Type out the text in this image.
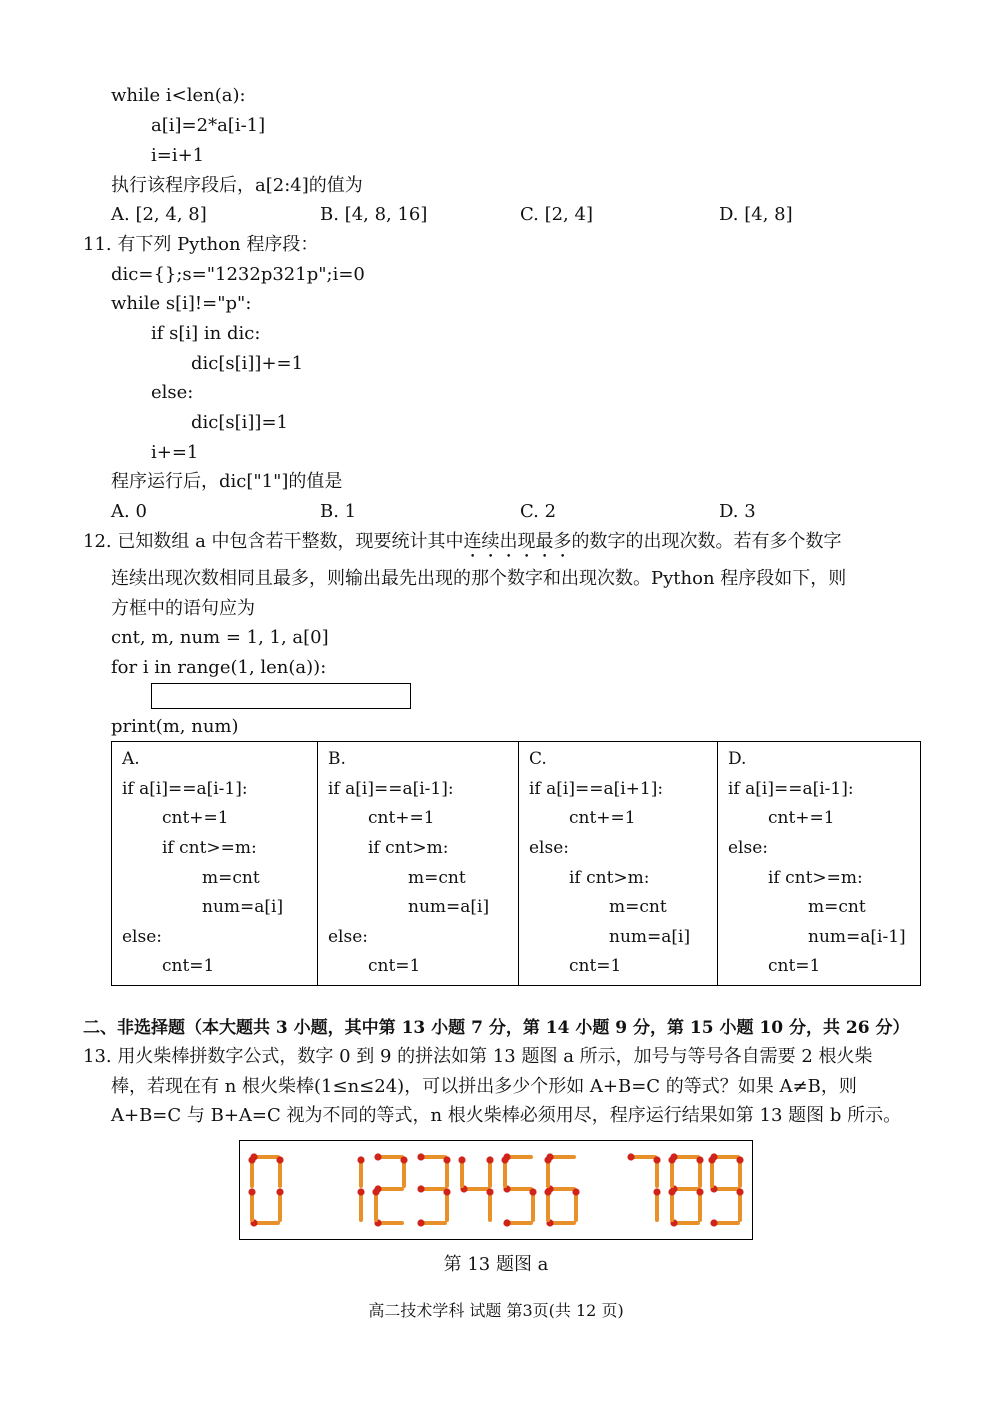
while i<len(a):
a[i]=2*a[i-1]
i=i+1
执行该程序段后，a[2:4]的值为
A. [2, 4, 8]	B. [4, 8, 16]	C. [2, 4]	D. [4, 8]
11. 有下列 Python 程序段：
dic={};s="1232p321p";i=0
while s[i]!="p":
if s[i] in dic:
dic[s[i]]+=1
else:
dic[s[i]]=1
i+=1
程序运行后，dic["1"]的值是
A. 0	B. 1	C. 2	D. 3
12. 已知数组 a 中包含若干整数，现要统计其中连续出现最多的数字的出现次数。若有多个数字
连续出现次数相同且最多，则输出最先出现的那个数字和出现次数。Python 程序段如下，则
方框中的语句应为
cnt, m, num = 1, 1, a[0]
for i in range(1, len(a)):
print(m, num)
A.
if a[i]==a[i-1]:
cnt+=1
if cnt>=m:
m=cnt
num=a[i]
else:
cnt=1
B.
if a[i]==a[i-1]:
cnt+=1
if cnt>m:
m=cnt
num=a[i]
else:
cnt=1
C.
if a[i]==a[i+1]:
cnt+=1
else:
if cnt>m:
m=cnt
num=a[i]
cnt=1
D.
if a[i]==a[i-1]:
cnt+=1
else:
if cnt>=m:
m=cnt
num=a[i-1]
cnt=1
二、非选择题（本大题共 3 小题，其中第 13 小题 7 分，第 14 小题 9 分，第 15 小题 10 分，共 26 分）
13. 用火柴棒拼数字公式，数字 0 到 9 的拼法如第 13 题图 a 所示，加号与等号各自需要 2 根火柴
棒，若现在有 n 根火柴棒(1≤n≤24)，可以拼出多少个形如 A+B=C 的等式？如果 A≠B，则
A+B=C 与 B+A=C 视为不同的等式，n 根火柴棒必须用尽，程序运行结果如第 13 题图 b 所示。
第 13 题图 a
高二技术学科 试题 第3页(共 12 页)
